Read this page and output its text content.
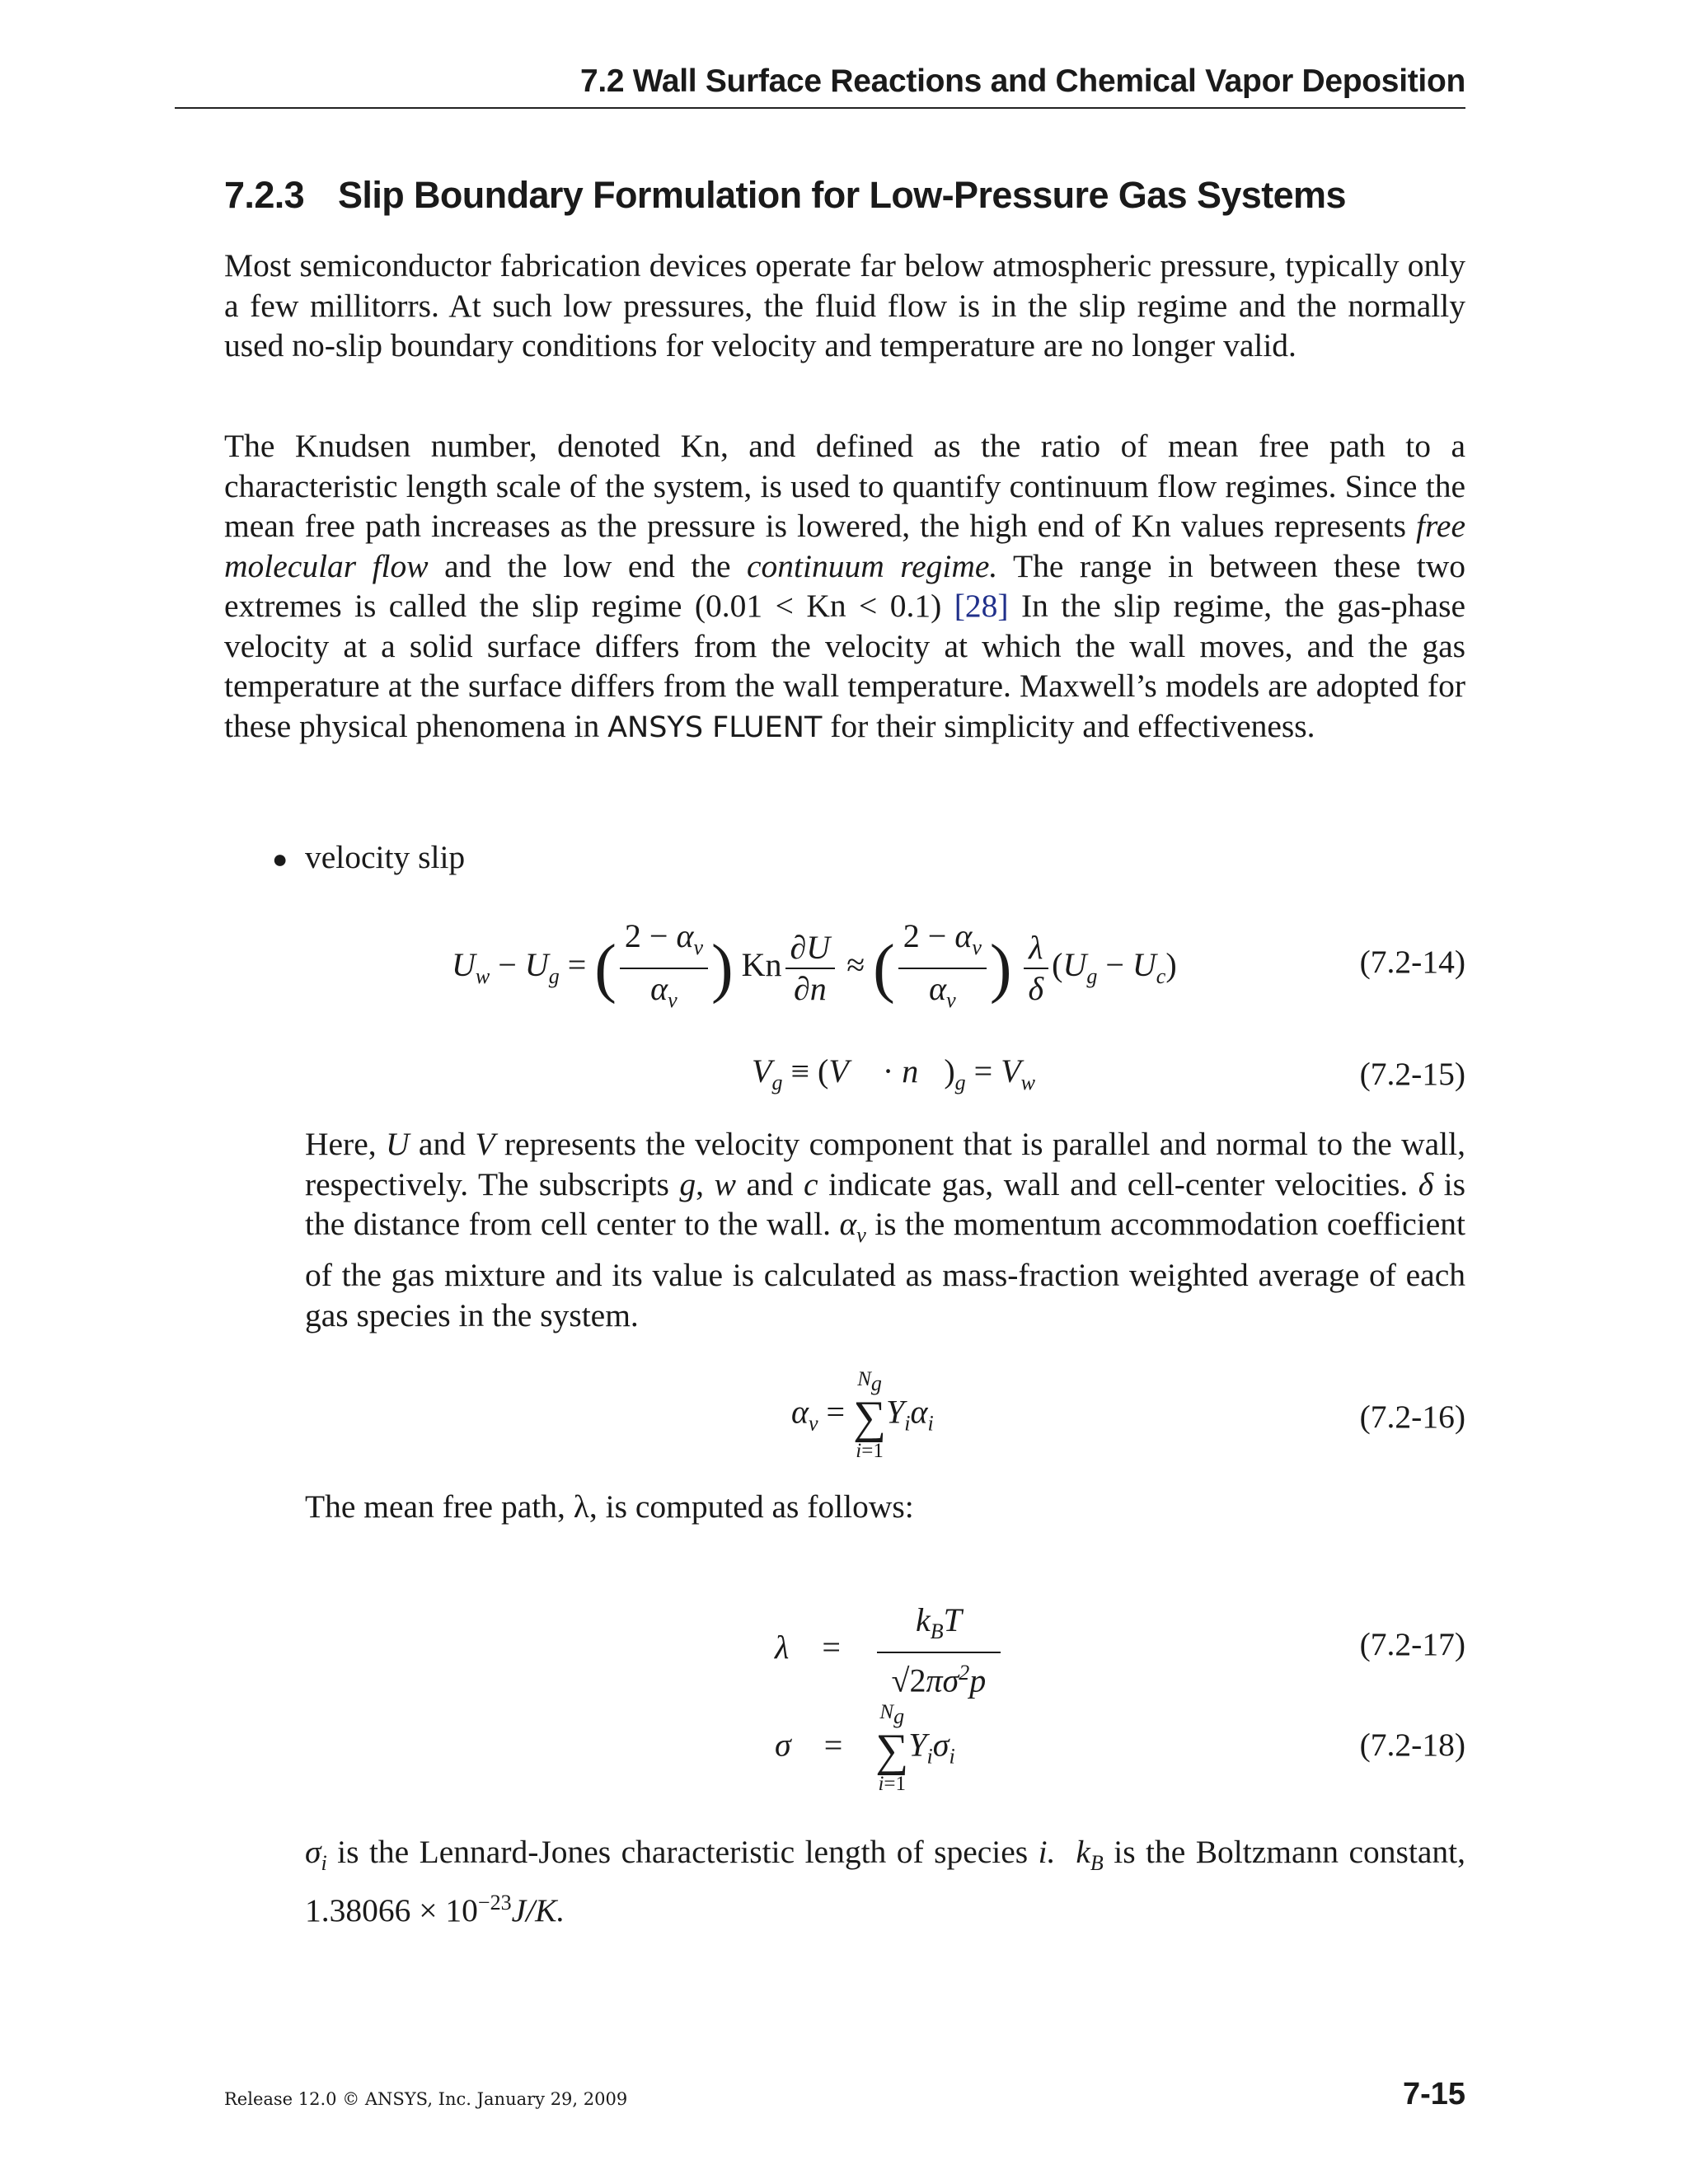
7.2 Wall Surface Reactions and Chemical Vapor Deposition
7.2.3 Slip Boundary Formulation for Low-Pressure Gas Systems

Most semiconductor fabrication devices operate far below atmospheric pressure, typically only a few millitorrs. At such low pressures, the fluid flow is in the slip regime and the normally used no-slip boundary conditions for velocity and temperature are no longer valid.

The Knudsen number, denoted Kn, and defined as the ratio of mean free path to a characteristic length scale of the system, is used to quantify continuum flow regimes. Since the mean free path increases as the pressure is lowered, the high end of Kn values represents free molecular flow and the low end the continuum regime. The range in between these two extremes is called the slip regime (0.01 < Kn < 0.1) [28] In the slip regime, the gas-phase velocity at a solid surface differs from the velocity at which the wall moves, and the gas temperature at the surface differs from the wall temperature. Maxwell’s models are adopted for these physical phenomena in ANSYS FLUENT for their simplicity and effectiveness.

● velocity slip
$U_w - U_g$ = ( $\frac{2 - \alpha_v}{\alpha_v}$ ) Kn $\frac{\partial U}{\partial n}$ ≈ ( $\frac{2 - \alpha_v}{\alpha_v}$ ) $\frac{\lambda}{\delta} (U_g - U_c)$	(7.2-14)
$V_g$ ≡ (V⃗ · $n⃗)_g = V_w$	(7.2-15)

Here, U and V represents the velocity component that is parallel and normal to the wall, respectively. The subscripts g, w and c indicate gas, wall and cell-center velocities. δ is the distance from cell center to the wall. $\alpha_v$ is the momentum accommodation coefficient of the gas mixture and its value is calculated as mass-fraction weighted average of each gas species in the system.

$\alpha_v$ =
$N_g$
∑
i=1
$Y_i\alpha_i$	(7.2-16)

The mean free path, λ, is computed as follows:

$\lambda = \frac{k_BT}{√2\pi\sigma^2p}$	(7.2-17)
σ =
$N_g$
∑
i=1
$Y_i\sigma_i$	(7.2-18)

$\sigma_i$ is the Lennard-Jones characteristic length of species i. $k_B$ is the Boltzmann constant, $1.38066 \times 10^{-23}J/K$.

Release 12.0 © ANSYS, Inc. January 29, 2009	7-15
